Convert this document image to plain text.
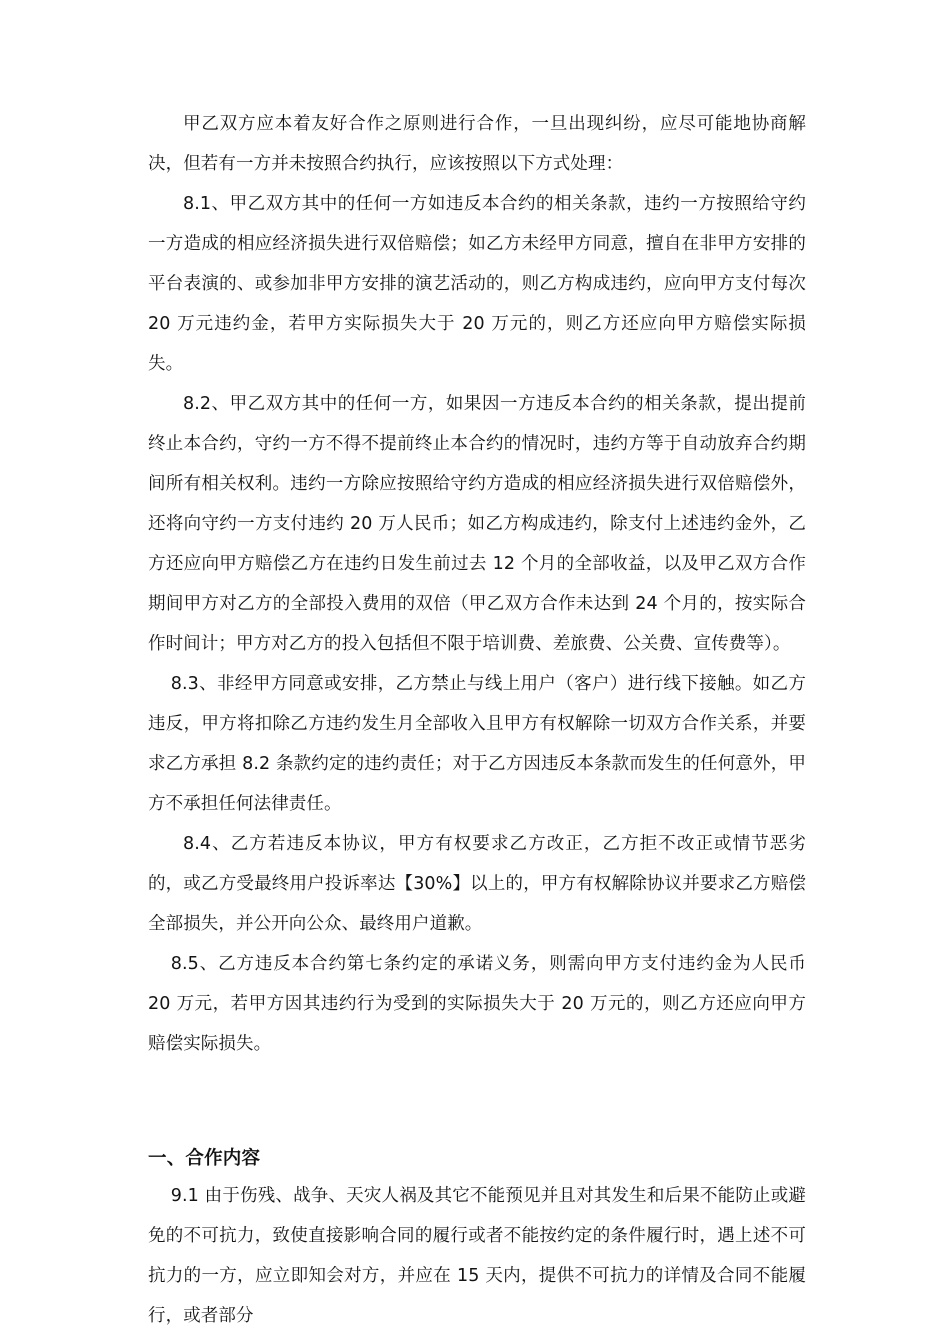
甲乙双方应本着友好合作之原则进行合作，一旦出现纠纷，应尽可能地协商解决，但若有一方并未按照合约执行，应该按照以下方式处理：

8.1、甲乙双方其中的任何一方如违反本合约的相关条款，违约一方按照给守约一方造成的相应经济损失进行双倍赔偿；如乙方未经甲方同意，擅自在非甲方安排的平台表演的、或参加非甲方安排的演艺活动的，则乙方构成违约，应向甲方支付每次 20 万元违约金，若甲方实际损失大于 20 万元的，则乙方还应向甲方赔偿实际损失。

8.2、甲乙双方其中的任何一方，如果因一方违反本合约的相关条款，提出提前终止本合约，守约一方不得不提前终止本合约的情况时，违约方等于自动放弃合约期间所有相关权利。违约一方除应按照给守约方造成的相应经济损失进行双倍赔偿外，还将向守约一方支付违约 20 万人民币；如乙方构成违约，除支付上述违约金外，乙方还应向甲方赔偿乙方在违约日发生前过去 12 个月的全部收益，以及甲乙双方合作期间甲方对乙方的全部投入费用的双倍（甲乙双方合作未达到 24 个月的，按实际合作时间计；甲方对乙方的投入包括但不限于培训费、差旅费、公关费、宣传费等）。

8.3、非经甲方同意或安排，乙方禁止与线上用户（客户）进行线下接触。如乙方违反，甲方将扣除乙方违约发生月全部收入且甲方有权解除一切双方合作关系，并要求乙方承担 8.2 条款约定的违约责任；对于乙方因违反本条款而发生的任何意外，甲方不承担任何法律责任。

8.4、乙方若违反本协议，甲方有权要求乙方改正，乙方拒不改正或情节恶劣的，或乙方受最终用户投诉率达【30%】以上的，甲方有权解除协议并要求乙方赔偿全部损失，并公开向公众、最终用户道歉。

8.5、乙方违反本合约第七条约定的承诺义务，则需向甲方支付违约金为人民币 20 万元，若甲方因其违约行为受到的实际损失大于 20 万元的，则乙方还应向甲方赔偿实际损失。

一、合作内容

9.1 由于伤残、战争、天灾人祸及其它不能预见并且对其发生和后果不能防止或避免的不可抗力，致使直接影响合同的履行或者不能按约定的条件履行时，遇上述不可抗力的一方，应立即知会对方，并应在 15 天内，提供不可抗力的详情及合同不能履行，或者部分
